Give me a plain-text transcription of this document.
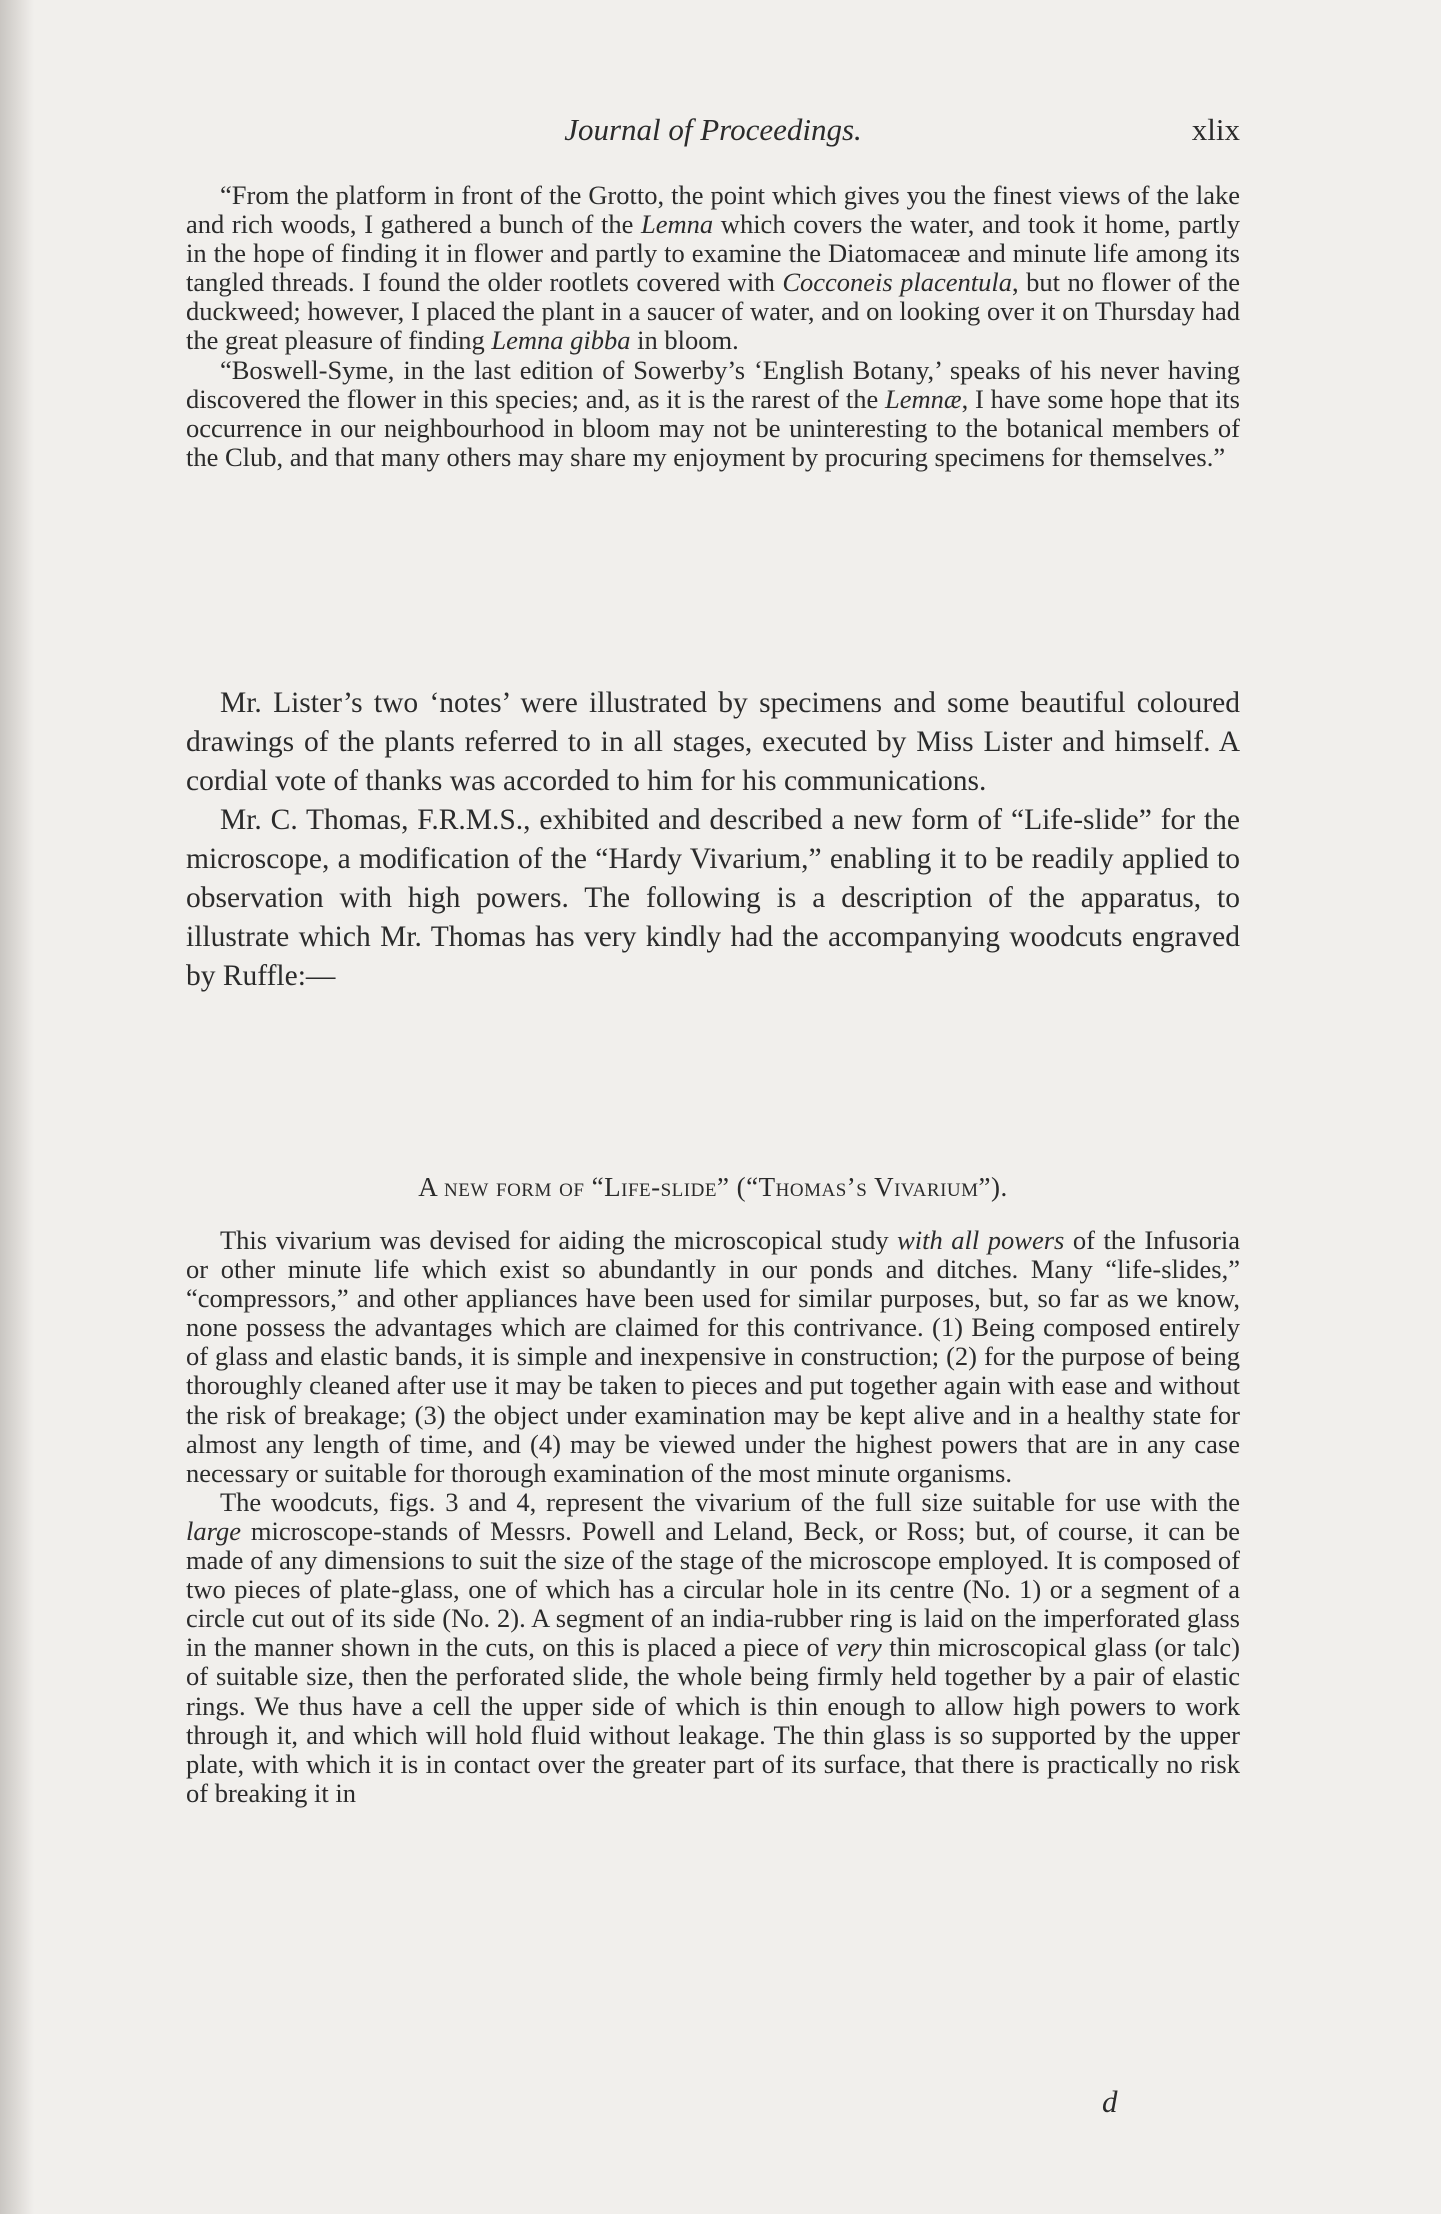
Journal of Proceedings.	xlix

“From the platform in front of the Grotto, the point which gives you the finest views of the lake and rich woods, I gathered a bunch of the Lemna which covers the water, and took it home, partly in the hope of finding it in flower and partly to examine the Diatomaceæ and minute life among its tangled threads. I found the older rootlets covered with Cocconeis placentula, but no flower of the duckweed; however, I placed the plant in a saucer of water, and on looking over it on Thursday had the great pleasure of finding Lemna gibba in bloom.

“Boswell-Syme, in the last edition of Sowerby’s ‘English Botany,’ speaks of his never having discovered the flower in this species; and, as it is the rarest of the Lemnæ, I have some hope that its occurrence in our neighbourhood in bloom may not be uninteresting to the botanical members of the Club, and that many others may share my enjoyment by procuring specimens for themselves.”

Mr. Lister’s two ‘notes’ were illustrated by specimens and some beautiful coloured drawings of the plants referred to in all stages, executed by Miss Lister and himself. A cordial vote of thanks was accorded to him for his communications.

Mr. C. Thomas, F.R.M.S., exhibited and described a new form of “Life-slide” for the microscope, a modification of the “Hardy Vivarium,” enabling it to be readily applied to observation with high powers. The following is a description of the apparatus, to illustrate which Mr. Thomas has very kindly had the accompanying woodcuts engraved by Ruffle:—

A new form of “Life-slide” (“Thomas’s Vivarium”).

This vivarium was devised for aiding the microscopical study with all powers of the Infusoria or other minute life which exist so abundantly in our ponds and ditches. Many “life-slides,” “compressors,” and other appliances have been used for similar purposes, but, so far as we know, none possess the advantages which are claimed for this contrivance. (1) Being composed entirely of glass and elastic bands, it is simple and inexpensive in construction; (2) for the purpose of being thoroughly cleaned after use it may be taken to pieces and put together again with ease and without the risk of breakage; (3) the object under examination may be kept alive and in a healthy state for almost any length of time, and (4) may be viewed under the highest powers that are in any case necessary or suitable for thorough examination of the most minute organisms.

The woodcuts, figs. 3 and 4, represent the vivarium of the full size suitable for use with the large microscope-stands of Messrs. Powell and Leland, Beck, or Ross; but, of course, it can be made of any dimensions to suit the size of the stage of the microscope employed. It is composed of two pieces of plate-glass, one of which has a circular hole in its centre (No. 1) or a segment of a circle cut out of its side (No. 2). A segment of an india-rubber ring is laid on the imperforated glass in the manner shown in the cuts, on this is placed a piece of very thin microscopical glass (or talc) of suitable size, then the perforated slide, the whole being firmly held together by a pair of elastic rings. We thus have a cell the upper side of which is thin enough to allow high powers to work through it, and which will hold fluid without leakage. The thin glass is so supported by the upper plate, with which it is in contact over the greater part of its surface, that there is practically no risk of breaking it in

d
